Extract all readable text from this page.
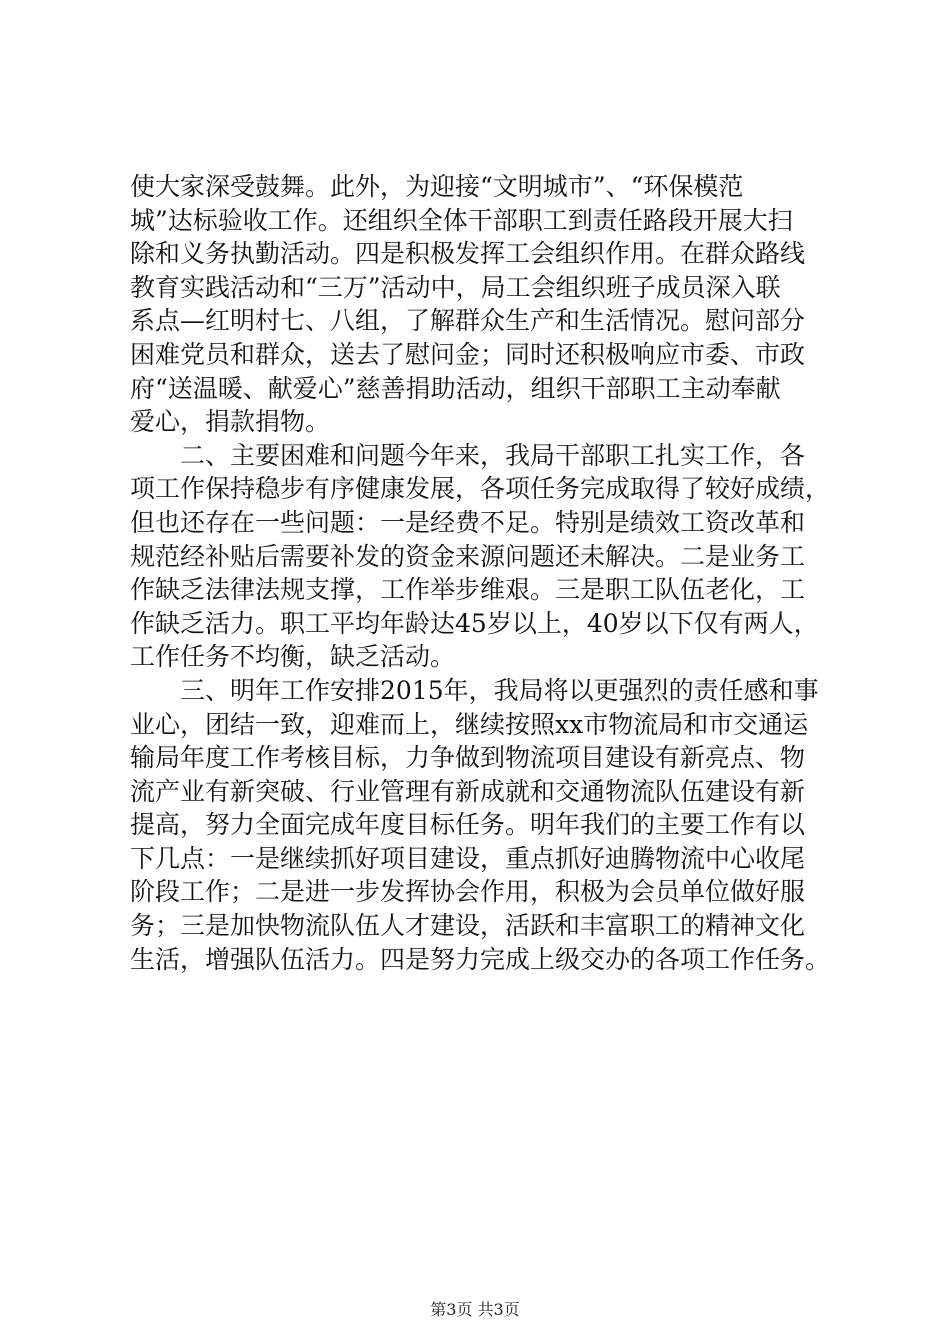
使大家深受鼓舞。此外，为迎接“文明城市”、“环保模范
城”达标验收工作。还组织全体干部职工到责任路段开展大扫
除和义务执勤活动。四是积极发挥工会组织作用。在群众路线
教育实践活动和“三万”活动中，局工会组织班子成员深入联
系点—红明村七、八组，了解群众生产和生活情况。慰问部分
困难党员和群众，送去了慰问金；同时还积极响应市委、市政
府“送温暖、献爱心”慈善捐助活动，组织干部职工主动奉献
爱心，捐款捐物。
　　二、主要困难和问题今年来，我局干部职工扎实工作，各
项工作保持稳步有序健康发展，各项任务完成取得了较好成绩，
但也还存在一些问题：一是经费不足。特别是绩效工资改革和
规范经补贴后需要补发的资金来源问题还未解决。二是业务工
作缺乏法律法规支撑，工作举步维艰。三是职工队伍老化，工
作缺乏活力。职工平均年龄达45岁以上，40岁以下仅有两人，
工作任务不均衡，缺乏活动。
　　三、明年工作安排2015年，我局将以更强烈的责任感和事
业心，团结一致，迎难而上，继续按照xx市物流局和市交通运
输局年度工作考核目标，力争做到物流项目建设有新亮点、物
流产业有新突破、行业管理有新成就和交通物流队伍建设有新
提高，努力全面完成年度目标任务。明年我们的主要工作有以
下几点：一是继续抓好项目建设，重点抓好迪腾物流中心收尾
阶段工作；二是进一步发挥协会作用，积极为会员单位做好服
务；三是加快物流队伍人才建设，活跃和丰富职工的精神文化
生活，增强队伍活力。四是努力完成上级交办的各项工作任务。
第3页 共3页
